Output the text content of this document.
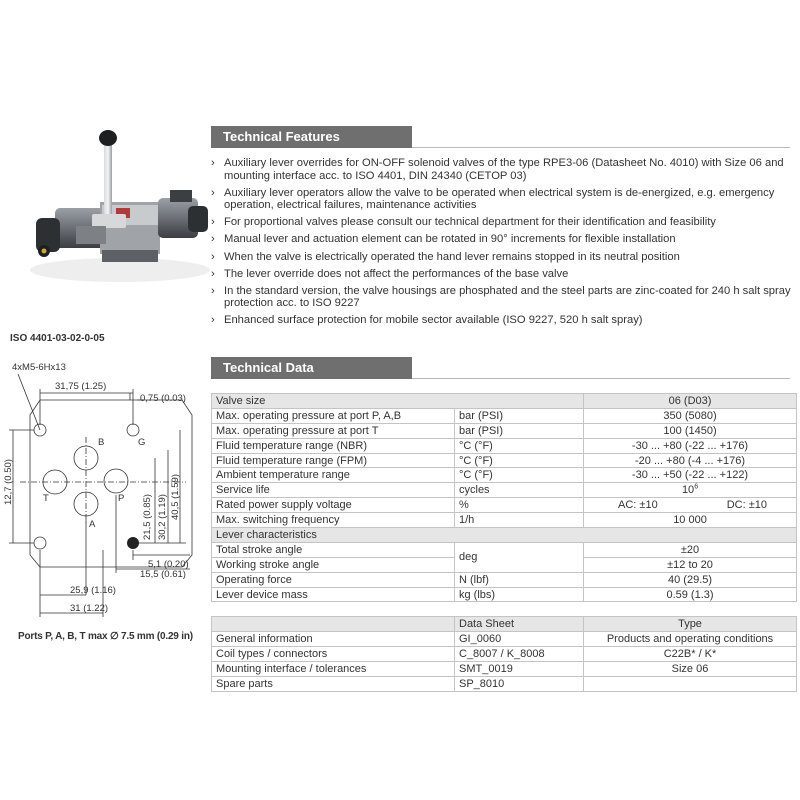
Technical Features
› Auxiliary lever overrides for ON-OFF solenoid valves of the type RPE3-06 (Datasheet No. 4010) with Size 06 and mounting interface acc. to ISO 4401, DIN 24340 (CETOP 03)
› Auxiliary lever operators allow the valve to be operated when electrical system is de-energized, e.g. emergency operation, electrical failures, maintenance activities
› For proportional valves please consult our technical department for their identification and feasibility
› Manual lever and actuation element can be rotated in 90° increments for flexible installation
› When the valve is electrically operated the hand lever remains stopped in its neutral position
› The lever override does not affect the performances of the base valve
› In the standard version, the valve housings are phosphated and the steel parts are zinc-coated for 240 h salt spray protection acc. to ISO 9227
› Enhanced surface protection for mobile sector available (ISO 9227, 520 h salt spray)
ISO 4401-03-02-0-05
Technical Data
4xM5-6Hx13
31,75 (1.25)
0,75 (0.03)
B	G
T	P
A
5,1 (0.20)
15,5 (0.61)
25,9 (1.16)
31 (1.22)
12,7 (0.50)
21,5 (0.85) 30,2 (1.19) 40,5 (1.59)
Ports P, A, B, T max ∅ 7.5 mm (0.29 in)
Valve size		06 (D03)
Max. operating pressure at port P, A,B	bar (PSI)	350 (5080)
Max. operating pressure at port T	bar (PSI)	100 (1450)
Fluid temperature range (NBR)	°C (°F)	-30 ... +80 (-22 ... +176)
Fluid temperature range (FPM)	°C (°F)	-20 ... +80 (-4 ... +176)
Ambient temperature range	°C (°F)	-30 ... +50 (-22 ... +122)
Service life	cycles	$10^6$
Rated power supply voltage	%	AC: ±10 DC: ±10

Max. switching frequency	1/h	10 000
Lever characteristics		
Total stroke angle	deg	±20
Working stroke angle		±12 to 20
Operating force	N (lbf)	40 (29.5)
Lever device mass	kg (lbs)	0.59 (1.3)

	Data Sheet	Type
General information	GI_0060	Products and operating conditions
Coil types / connectors	C_8007 / K_8008	C22B* / K*
Mounting interface / tolerances	SMT_0019	Size 06
Spare parts	SP_8010	
